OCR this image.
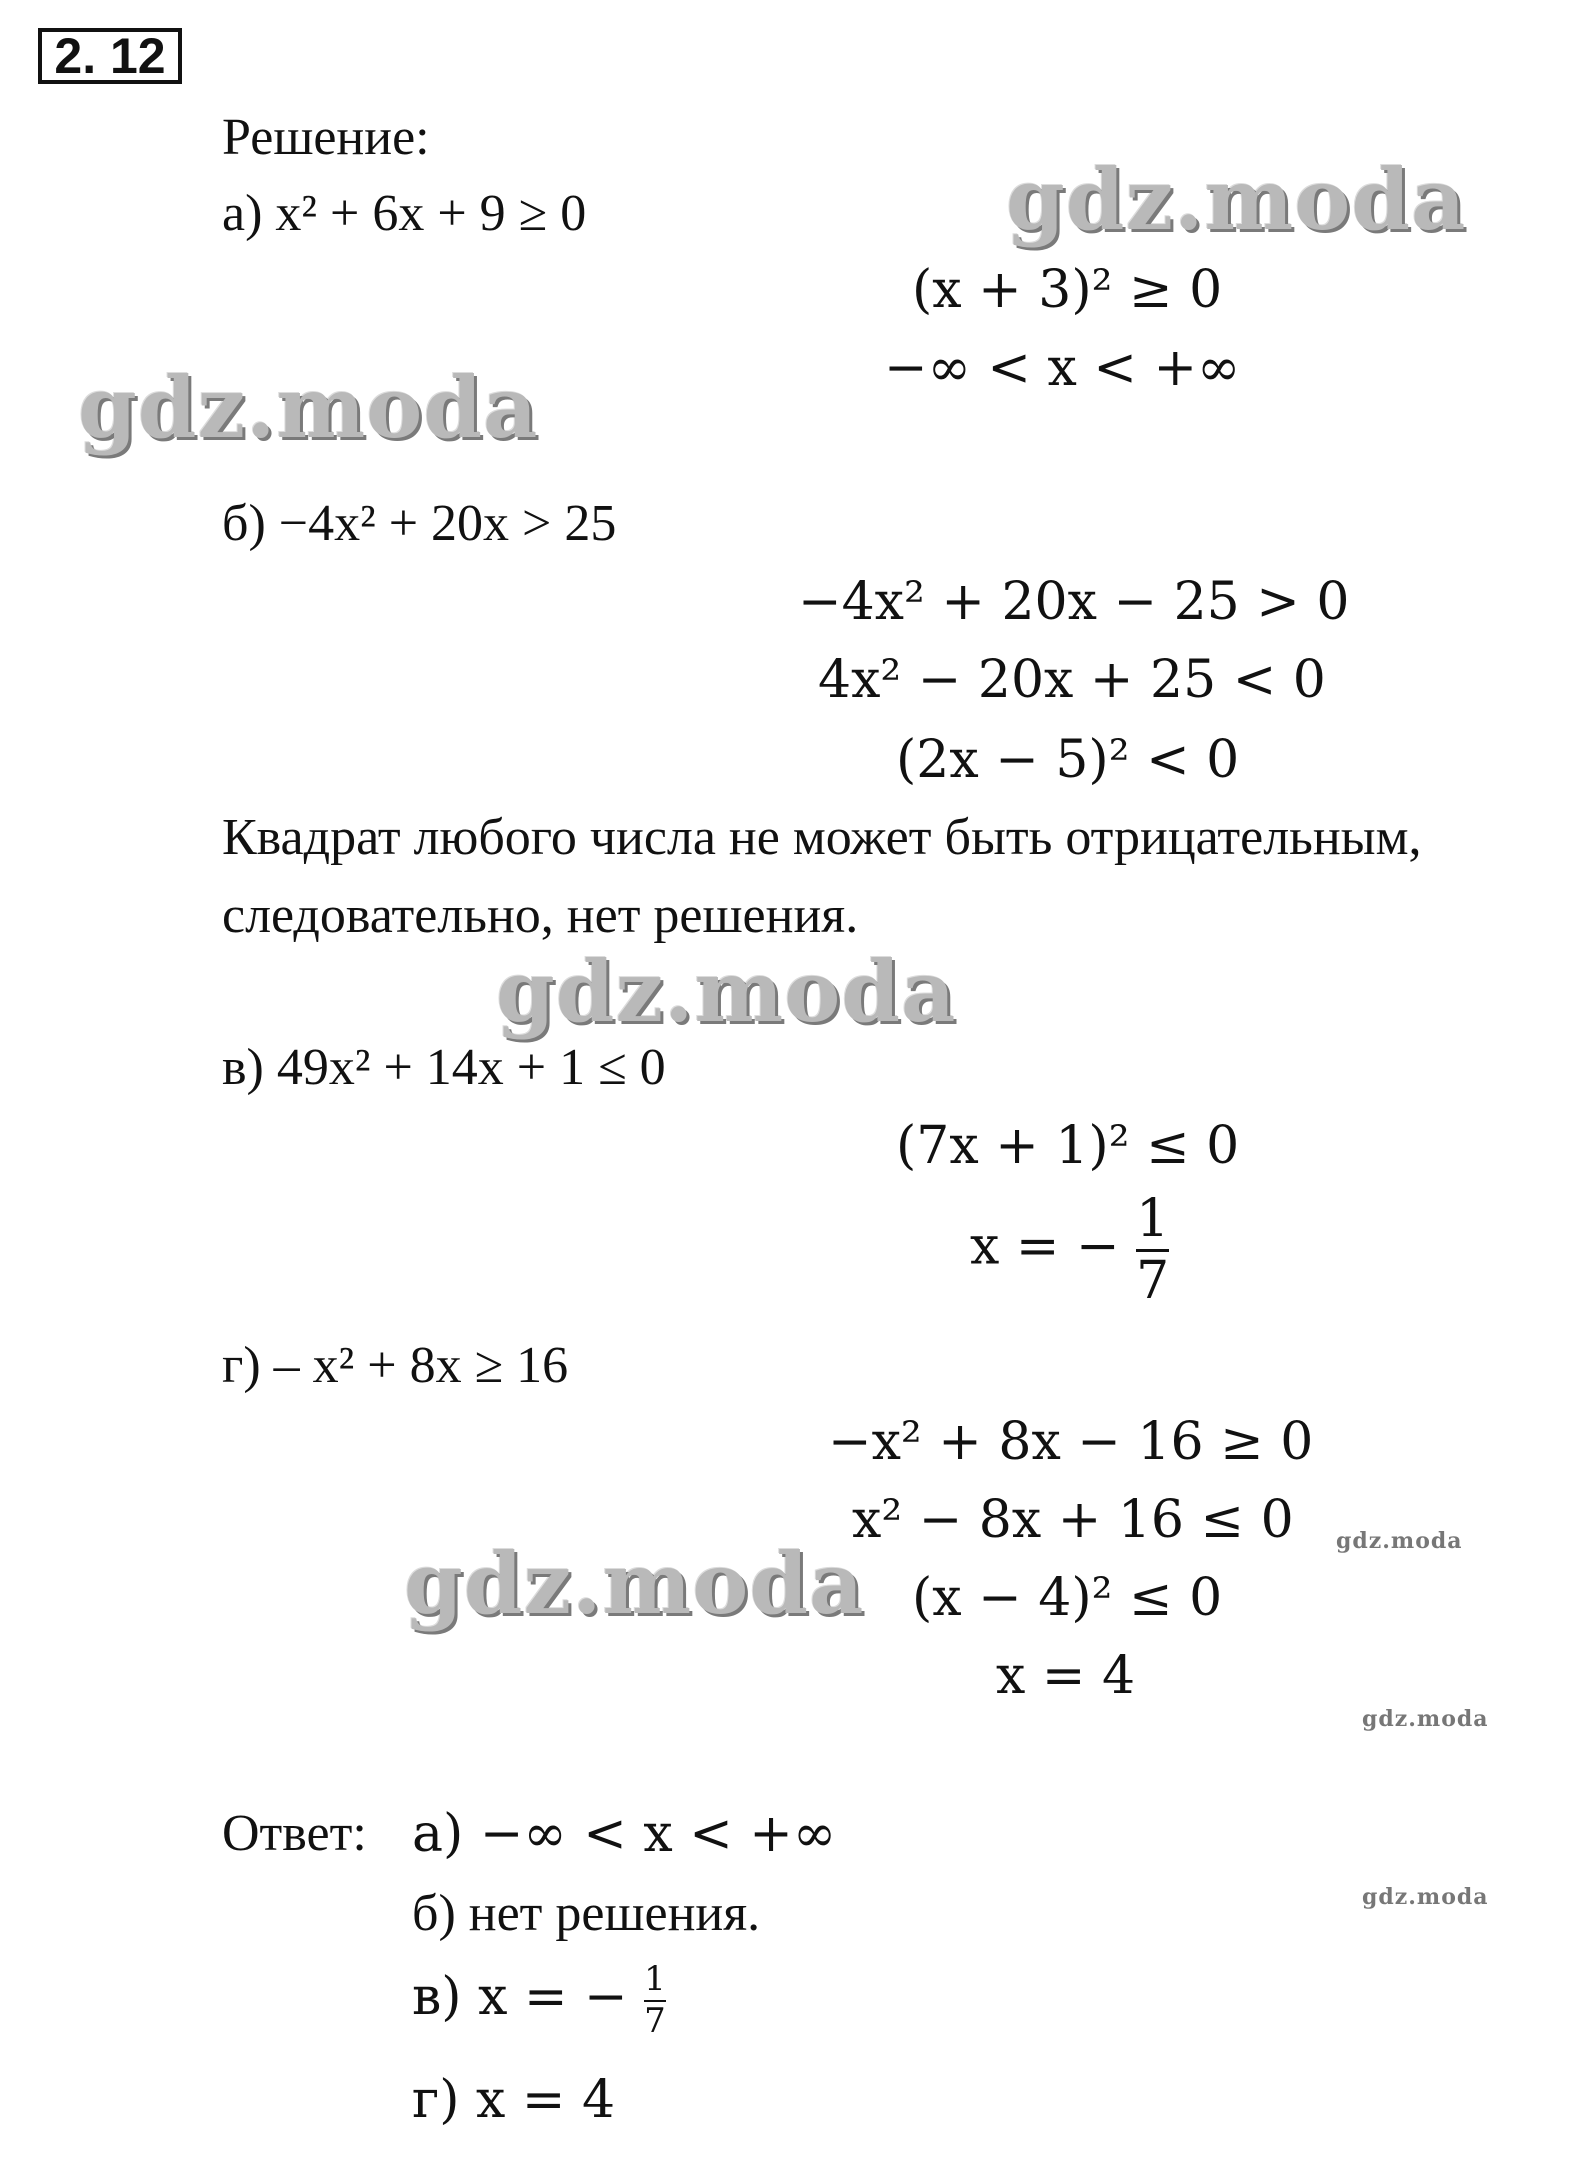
2. 12
Решение:
а) x² + 6x + 9 ≥ 0
(x + 3)² ≥ 0
−∞ < x < +∞
б) −4x² + 20x > 25
−4x² + 20x − 25 > 0
4x² − 20x + 25 < 0
(2x − 5)² < 0
Квадрат любого числа не может быть отрицательным,
следовательно, нет решения.
в) 49x² + 14x + 1 ≤ 0
(7x + 1)² ≤ 0
x = − $\frac{1}{7}$
г) – x² + 8x ≥ 16
−x² + 8x − 16 ≥ 0
x² − 8x + 16 ≤ 0
(x − 4)² ≤ 0
x = 4
Ответ: а) −∞ < x < +∞
б) нет решения.
в) x = − $\frac{1}{7}$
г) x = 4
gdz.moda
gdz.moda
gdz.moda
gdz.moda	gdz.moda
gdz.moda
gdz.moda
